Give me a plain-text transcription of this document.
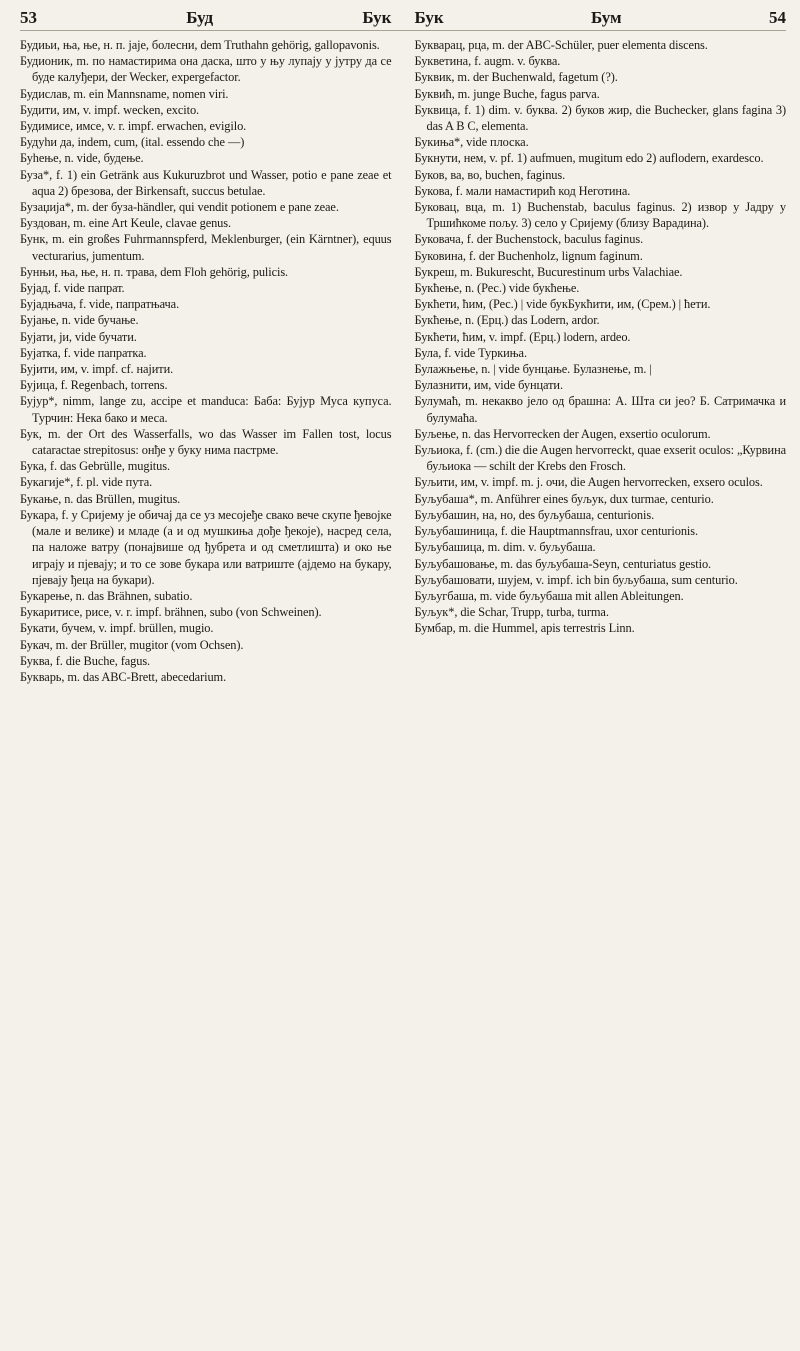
53	Буд	Бук Бук	Бум	54

Будиьи, ња, ње, н. п. jaje, бoлесни, dem Truthahn gehörig, gallopavonis.

Будионик, m. по намастирима она даска, што у њу лупају у јутру да се буде калуђери, der Wecker, expergefactor.

Будислав, m. ein Mannsname, nomen viri.

Будити, им, v. impf. wecken, excito.

Будимисе, имсе, v. r. impf. erwachen, evigilo.

Будуhи да, indem, cum, (ital. essendo che —)

Буhење, n. vide, будење.

Буза*, f. 1) ein Getränk aus Kukuruzbrot und Wasser, potio e pane zeae et aqua 2) брезова, der Birkensaft, succus betulae.

Бузаџија*, m. der буза-händler, qui vendit potionem e pane zeae.

Буздован, m. eine Art Keule, clavae genus.

Бунк, m. ein großes Fuhrmannspferd, Meklenburger, (ein Kärntner), equus vecturarius, jumentum.

Бунњи, ња, ње, н. п. трава, dem Floh gehörig, pulicis.

Бујад, f. vide папрат.

Бујадњача, f. vide, папратњача.

Бујање, n. vide бучање.

Бујати, ји, vide бучати.

Бујатка, f. vide папратка.

Бујити, им, v. impf. cf. најити.

Бујица, f. Regenbach, torrens.

Бујур*, nimm, lange zu, accipe et manduca: Баба: Бујур Муса купуса. Турчин: Нека бако и меса.

Бук, m. der Ort des Wasserfalls, wo das Wasser im Fallen tost, locus cataractae strepitosus: онђе у буку нима пастрме.

Бука, f. das Gebrülle, mugitus.

Букагије*, f. pl. vide пута.

Букање, n. das Brüllen, mugitus.

Букара, f. у Сријему је обичај да се уз месојеђе свако вече скупе ђевојке (мале и велике) и младе (а и од мушкиња дође ђекоје), насред села, па наложе ватру (понајвише од ђубрета и од сметлишта) и око ње играју и пјевају; и то се зове букара или ватриште (ајдемо на букару, пјевају ђеца на букари).

Букарење, n. das Brähnen, subatio.

Букаритисе, рисе, v. r. impf. brähnen, subo (von Schweinen).

Букати, бучем, v. impf. brüllen, mugio.

Букач, m. der Brüller, mugitor (vom Ochsen).

Буква, f. die Buche, fagus.

Букварь, m. das ABC-Brett, abecedarium.

Букварац, рца, m. der ABC-Schüler, puer elementa discens.

Букветина, f. augm. v. буква.

Буквик, m. der Buchenwald, fagetum (?).

Буквић, m. junge Buche, fagus parva.

Буквица, f. 1) dim. v. буква. 2) буков жир, die Buchecker, glans fagina 3) das A B C, elementa.

Букиња*, vide плоска.

Букнути, нем, v. pf. 1) aufmuen, mugitum edo 2) auflodern, exardesco.

Буков, ва, во, buchen, faginus.

Букова, f. мали намастирић код Неготина.

Буковац, вца, m. 1) Buchenstab, baculus faginus. 2) извор у Јадру у Тршићкоме пољу. 3) село у Сријему (близу Варадина).

Буковача, f. der Buchenstock, baculus faginus.

Буковина, f. der Buchenholz, lignum faginum.

Букреш, m. Bukurescht, Bucurestinum urbs Valachiae.

Букћење, n. (Рес.) vide букћење.

Букћети, ћим, (Рес.) | vide букБукћити, им, (Срем.) | ћети.

Букћење, n. (Ерц.) das Lodern, ardor.

Букћети, ћим, v. impf. (Ерц.) lodern, ardeo.

Була, f. vide Туркиња.

Булажњење, n. | vide бунцање. Булазнење, m. |

Булазнити, им, vide бунцати.

Булумаћ, m. некакво јело од брашна: А. Шта си јео? Б. Сатримачка и булумаћа.

Буљење, n. das Hervorrecken der Augen, exsertio oculorum.

Буљиока, f. (cm.) die die Augen hervorreckt, quae exserit oculos: „Курвина буљиока — schilt der Krebs den Frosch.

Буљити, им, v. impf. m. j. очи, die Augen hervorrecken, exsero oculos.

Буљубаша*, m. Anführer eines буљук, dux turmae, centurio.

Буљубашин, на, но, des буљубаша, centurionis.

Буљубашиница, f. die Hauptmannsfrau, uxor centurionis.

Буљубашица, m. dim. v. буљубаша.

Буљубашовање, m. das буљубаша-Seyn, centuriatus gestio.

Буљубашовати, шујем, v. impf. ich bin буљубаша, sum centurio.

Буљугбаша, m. vide буљубаша mit allen Ableitungen.

Буљук*, die Schar, Trupp, turba, turma.

Бумбар, m. die Hummel, apis terrestris Linn.
